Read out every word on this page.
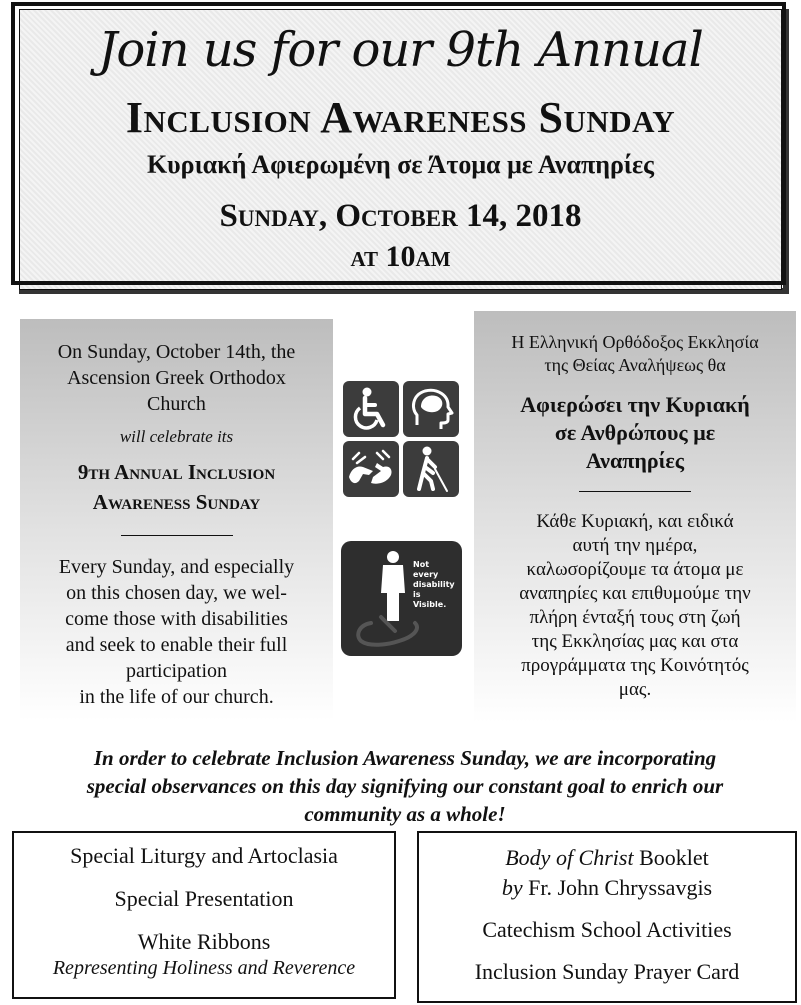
Join us for our 9th Annual
Inclusion Awareness Sunday
Κυριακή Αφιερωμένη σε Άτομα με Αναπηρίες
Sunday, October 14, 2018
at 10am
On Sunday, October 14th, the
Ascension Greek Orthodox
Church
will celebrate its
9th Annual Inclusion
Awareness Sunday
Every Sunday, and especially
on this chosen day, we wel-
come those with disabilities
and seek to enable their full
participation
in the life of our church.
Not
every
disability
is
Visible.
Η Ελληνική Ορθόδοξος Εκκλησία
της Θείας Αναλήψεως θα
Αφιερώσει την Κυριακή
σε Ανθρώπους με
Αναπηρίες
Κάθε Κυριακή, και ειδικά
αυτή την ημέρα,
καλωσορίζουμε τα άτομα με
αναπηρίες και επιθυμούμε την
πλήρη ένταξή τους στη ζωή
της Εκκλησίας μας και στα
προγράμματα της Κοινότητός
μας.
In order to celebrate Inclusion Awareness Sunday, we are incorporating
special observances on this day signifying our constant goal to enrich our
community as a whole!
Special Liturgy and Artoclasia
Special Presentation
White Ribbons
Representing Holiness and Reverence
Body of Christ Booklet
by Fr. John Chryssavgis
Catechism School Activities
Inclusion Sunday Prayer Card
